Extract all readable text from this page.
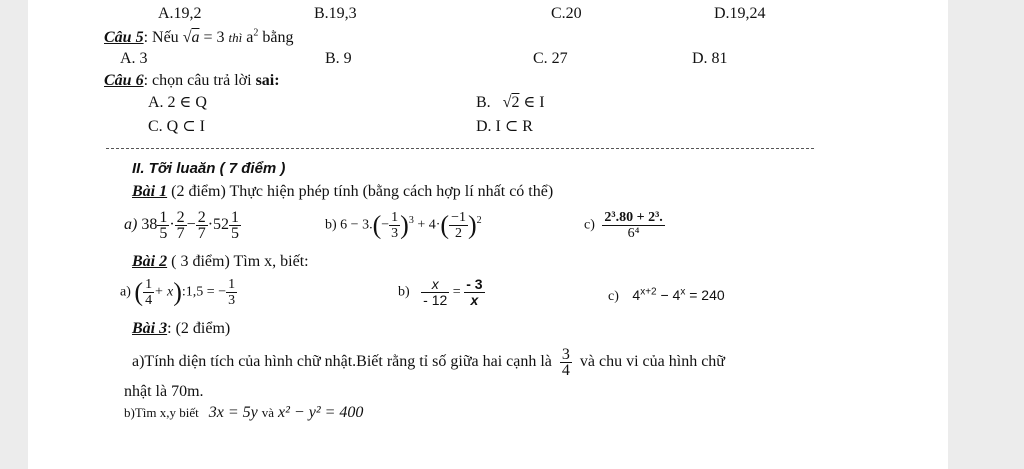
A.19,2	B.19,3	C.20	D.19,24
Câu 5: Nếu √a = 3 thì $a^2$ bằng
A. 3	B. 9	C. 27	D. 81
Câu 6: chọn câu trả lời sai:
A. 2 ∈ Q	B.   √2 ∈ I
C. Q ⊂ I	D. I ⊂ R
II. Tỡi luaăn ( 7 điểm )
Bài 1 (2 điểm) Thực hiện phép tính (bằng cách hợp lí nhất có thể)
a) $38 \frac{1}{5} \cdot \frac{2}{7} - \frac{2}{7} \cdot 52 \frac{1}{5}$	b) $6 - 3.(- \frac{1}{3} )^3 + 4\cdot( \frac{-1}{2} )^2$	$c) \frac{\text{2³.80 + 2³.}}{\text{6⁴}}$
Bài 2 ( 3 điểm) Tìm x, biết:
a) ( $\frac{1}{4}$ + x):1,5 = − $\frac{1}{3}$	$b) \frac{x}{- 12} = \frac{- 3}{x}$	c) $4^{x+2} - 4^x = 240$
Bài 3: (2 điểm)
a)Tính diện tích của hình chữ nhật.Biết rằng tỉ số giữa hai cạnh là $\frac{3}{4}$ và chu vi của hình chữ
nhật là 70m.
b)Tìm x,y biết 3x = 5y và x² − y² = 400
